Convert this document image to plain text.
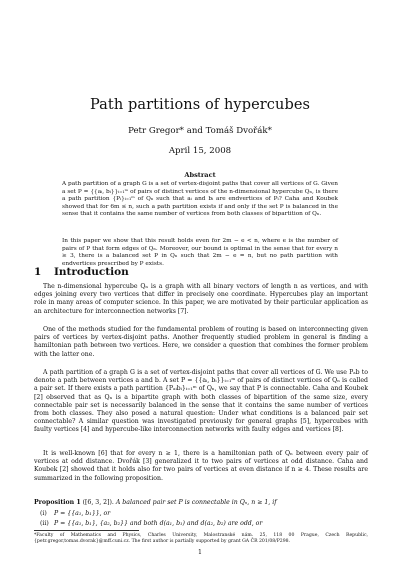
Path partitions of hypercubes
Petr Gregor* and Tomáš Dvořák*
April 15, 2008
Abstract

A path partition of a graph G is a set of vertex-disjoint paths that cover all vertices of G. Given a set P = {{aᵢ, bᵢ}}ᵢ₌₁ᵐ of pairs of distinct vertices of the n-dimensional hypercube Qₙ, is there a path partition {Pᵢ}ᵢ₌₁ᵐ of Qₙ such that aᵢ and bᵢ are endvertices of Pᵢ? Caha and Koubek showed that for 6m ≤ n, such a path partition exists if and only if the set P is balanced in the sense that it contains the same number of vertices from both classes of bipartition of Qₙ.

In this paper we show that this result holds even for 2m − e < n, where e is the number of pairs of P that form edges of Qₙ. Moreover, our bound is optimal in the sense that for every n ≥ 3, there is a balanced set P in Qₙ such that 2m − e = n, but no path partition with endvertices prescribed by P exists.

1 Introduction

The n-dimensional hypercube Qₙ is a graph with all binary vectors of length n as vertices, and with edges joining every two vertices that differ in precisely one coordinate. Hypercubes play an important role in many areas of computer science. In this paper, we are motivated by their particular application as an architecture for interconnection networks [7].

One of the methods studied for the fundamental problem of routing is based on interconnecting given pairs of vertices by vertex-disjoint paths. Another frequently studied problem in general is finding a hamiltonian path between two vertices. Here, we consider a question that combines the former problem with the latter one.

A path partition of a graph G is a set of vertex-disjoint paths that cover all vertices of G. We use Pₐb to denote a path between vertices a and b. A set P = {{aᵢ, bᵢ}}ᵢ₌₁ᵐ of pairs of distinct vertices of Qₙ is called a pair set. If there exists a path partition {Pₐᵢbᵢ}ᵢ₌₁ᵐ of Qₙ, we say that P is connectable. Caha and Koubek [2] observed that as Qₙ is a bipartite graph with both classes of bipartition of the same size, every connectable pair set is necessarily balanced in the sense that it contains the same number of vertices from both classes. They also posed a natural question: Under what conditions is a balanced pair set connectable? A similar question was investigated previously for general graphs [5], hypercubes with faulty vertices [4] and hypercube-like interconnection networks with faulty edges and vertices [8].

It is well-known [6] that for every n ≥ 1, there is a hamiltonian path of Qₙ between every pair of vertices at odd distance. Dvořák [3] generalized it to two pairs of vertices at odd distance. Caha and Koubek [2] showed that it holds also for two pairs of vertices at even distance if n ≥ 4. These results are summarized in the following proposition.

Proposition 1 ([6, 3, 2]). A balanced pair set P is connectable in Qₙ, n ≥ 1, if
(i) P = {{a₁, b₁}}, or
(ii) P = {{a₁, b₁}, {a₂, b₂}} and both d(a₁, b₁) and d(a₂, b₂) are odd, or

*Faculty of Mathematics and Physics, Charles University, Malostranské nám. 25, 118 00 Prague, Czech Republic, {petr.gregor,tomas.dvorak}@mff.cuni.cz. The first author is partially supported by grant GA ČR 201/08/P298.

1
